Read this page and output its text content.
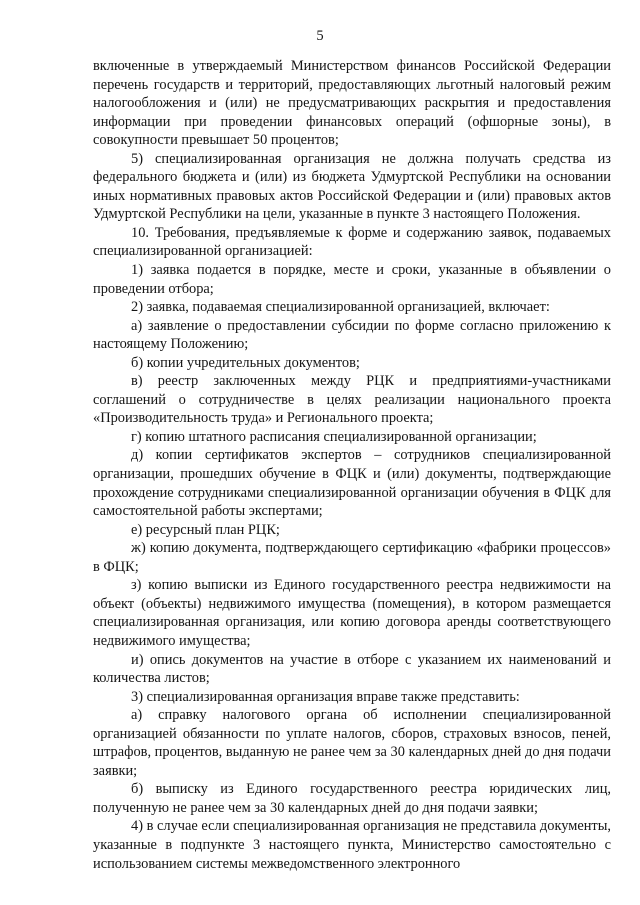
5

включенные в утверждаемый Министерством финансов Российской Федерации перечень государств и территорий, предоставляющих льготный налоговый режим налогообложения и (или) не предусматривающих раскрытия и предоставления информации при проведении финансовых операций (офшорные зоны), в совокупности превышает 50 процентов;

5) специализированная организация не должна получать средства из федерального бюджета и (или) из бюджета Удмуртской Республики на основании иных нормативных правовых актов Российской Федерации и (или) правовых актов Удмуртской Республики на цели, указанные в пункте 3 настоящего Положения.

10. Требования, предъявляемые к форме и содержанию заявок, подаваемых специализированной организацией:

1) заявка подается в порядке, месте и сроки, указанные в объявлении о проведении отбора;

2) заявка, подаваемая специализированной организацией, включает:

а) заявление о предоставлении субсидии по форме согласно приложению к настоящему Положению;

б) копии учредительных документов;

в) реестр заключенных между РЦК и предприятиями-участниками соглашений о сотрудничестве в целях реализации национального проекта «Производительность труда» и Регионального проекта;

г) копию штатного расписания специализированной организации;

д) копии сертификатов экспертов – сотрудников специализированной организации, прошедших обучение в ФЦК и (или) документы, подтверждающие прохождение сотрудниками специализированной организации обучения в ФЦК для самостоятельной работы экспертами;

е) ресурсный план РЦК;

ж) копию документа, подтверждающего сертификацию «фабрики процессов» в ФЦК;

з) копию выписки из Единого государственного реестра недвижимости на объект (объекты) недвижимого имущества (помещения), в котором размещается специализированная организация, или копию договора аренды соответствующего недвижимого имущества;

и) опись документов на участие в отборе с указанием их наименований и количества листов;

3) специализированная организация вправе также представить:

а) справку налогового органа об исполнении специализированной организацией обязанности по уплате налогов, сборов, страховых взносов, пеней, штрафов, процентов, выданную не ранее чем за 30 календарных дней до дня подачи заявки;

б) выписку из Единого государственного реестра юридических лиц, полученную не ранее чем за 30 календарных дней до дня подачи заявки;

4) в случае если специализированная организация не представила документы, указанные в подпункте 3 настоящего пункта, Министерство самостоятельно с использованием системы межведомственного электронного
